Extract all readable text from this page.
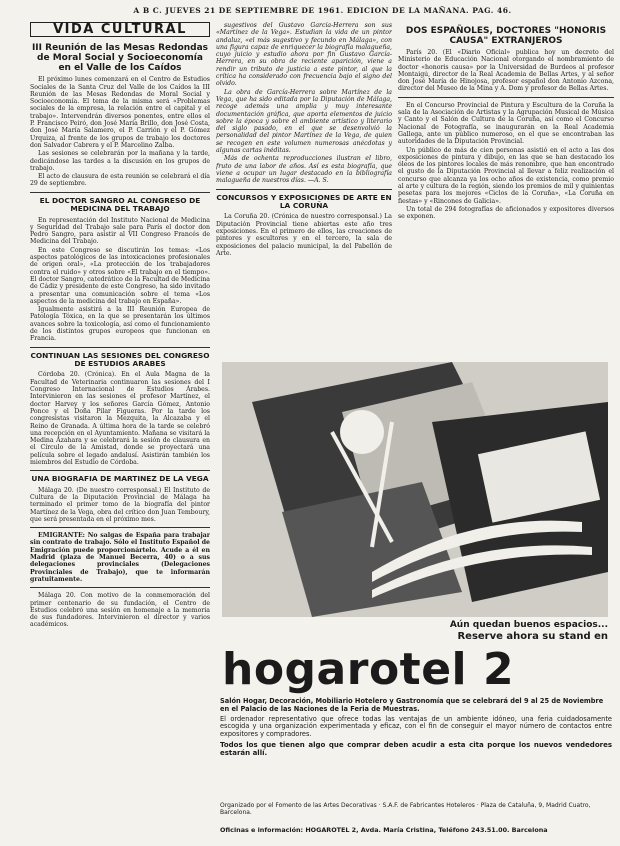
A B C. JUEVES 21 DE SEPTIEMBRE DE 1961. EDICION DE LA MAÑANA. PAG. 46.
VIDA CULTURAL
III Reunión de las Mesas Redondas de Moral Social y Socioeconomía en el Valle de los Caídos

El próximo lunes comenzará en el Centro de Estudios Sociales de la Santa Cruz del Valle de los Caídos la III Reunión de las Mesas Redondas de Moral Social y Socioeconomía. El tema de la misma será «Problemas sociales de la empresa, la relación entre el capital y el trabajo». Intervendrán diversos ponentes, entre ellos el P. Francisco Peiró, don José María Brillo, don José Costa, don José María Salamero, el P. Carrión y el P. Gómez Urquiza, al frente de los grupos de trabajo los doctores don Salvador Cabrera y el P. Marcelino Zalba.

Las sesiones se celebrarán por la mañana y la tarde, dedicándose las tardes a la discusión en los grupos de trabajo.

El acto de clausura de esta reunión se celebrará el día 29 de septiembre.

EL DOCTOR SANGRO AL CONGRESO DE MEDICINA DEL TRABAJO

En representación del Instituto Nacional de Medicina y Seguridad del Trabajo sale para París el doctor don Pedro Sangro, para asistir al VII Congreso Francés de Medicina del Trabajo.

En este Congreso se discutirán los temas: «Los aspectos patológicos de las intoxicaciones profesionales de origen oral», «La protección de los trabajadores contra el ruido» y otros sobre «El trabajo en el tiempo». El doctor Sangro, catedrático de la Facultad de Medicina de Cádiz y presidente de este Congreso, ha sido invitado a presentar una comunicación sobre el tema «Los aspectos de la medicina del trabajo en España».

Igualmente asistirá a la III Reunión Europea de Patología Tóxica, en la que se presentarán los últimos avances sobre la toxicología, así como el funcionamiento de los distintos grupos europeos que funcionan en Francia.

CONTINUAN LAS SESIONES DEL CONGRESO DE ESTUDIOS ARABES

Córdoba 20. (Crónica). En el Aula Magna de la Facultad de Veterinaria continuaron las sesiones del I Congreso Internacional de Estudios Árabes. Intervinieron en las sesiones el profesor Martínez, el doctor Harvey y los señores García Gómez, Antonio Ponce y el Doña Pilar Figueras. Por la tarde los congresistas visitaron la Mezquita, la Alcazaba y el Reino de Granada. A última hora de la tarde se celebró una recepción en el Ayuntamiento. Mañana se visitará la Medina Azahara y se celebrará la sesión de clausura en el Círculo de la Amistad, donde se proyectará una película sobre el legado andalusí. Asistirán también los miembros del Estudio de Córdoba.

UNA BIOGRAFIA DE MARTINEZ DE LA VEGA

Málaga 20. (De nuestro corresponsal.) El Instituto de Cultura de la Diputación Provincial de Málaga ha terminado el primer tomo de la biografía del pintor Martínez de la Vega, obra del crítico don Juan Temboury, que será presentada en el próximo mes.

EMIGRANTE: No salgas de España para trabajar sin contrato de trabajo. Sólo el Instituto Español de Emigración puede proporcionártelo. Acude a él en Madrid (plaza de Manuel Becerra, 40) o a sus delegaciones provinciales (Delegaciones Provinciales de Trabajo), que te informarán gratuitamente.

Málaga 20. Con motivo de la conmemoración del primer centenario de su fundación, el Centro de Estudios celebró una sesión en homenaje a la memoria de sus fundadores. Intervinieron el director y varios académicos.

sugestivos del Gustavo García-Herrera son sus «Martínez de la Vega». Estudian la vida de un pintor andaluz, «el más sugestivo y fecundo en Málaga», con una figura capaz de enriquecer la biografía malagueña, cuyo juicio y estudio ahora por fin Gustavo García-Herrera, en su obra de reciente aparición, viene a rendir un tributo de justicia a este pintor, al que la crítica ha considerado con frecuencia bajo el signo del olvido.

La obra de García-Herrera sobre Martínez de la Vega, que ha sido editada por la Diputación de Málaga, recoge además una amplia y muy interesante documentación gráfica, que aporta elementos de juicio sobre la época y sobre el ambiente artístico y literario del siglo pasado, en el que se desenvolvió la personalidad del pintor Martínez de la Vega, de quien se recogen en este volumen numerosas anécdotas y algunas cartas inéditas.

Más de ochenta reproducciones ilustran el libro, fruto de una labor de años. Así es esta biografía, que viene a ocupar un lugar destacado en la bibliografía malagueña de nuestros días. —A. S.

CONCURSOS Y EXPOSICIONES DE ARTE EN LA CORUÑA

La Coruña 20. (Crónica de nuestro corresponsal.) La Diputación Provincial tiene abiertas este año tres exposiciones. En el primero de ellos, las creaciones de pintores y escultores y en el tercero, la sala de exposiciones del palacio municipal, la del Pabellón de Arte.

DOS ESPAÑOLES, DOCTORES "HONORIS CAUSA" EXTRANJEROS

París 20. (El «Diario Oficial» publica hoy un decreto del Ministerio de Educación Nacional otorgando el nombramiento de doctor «honoris causa» por la Universidad de Burdeos al profesor Montaigú, director de la Real Academia de Bellas Artes, y al señor don José María de Hinojosa, profesor español don Antonio Azcona, director del Museo de la Mina y A. Dom y profesor de Bellas Artes.

En el Concurso Provincial de Pintura y Escultura de la Coruña la sala de la Asociación de Artistas y la Agrupación Musical de Música y Canto y el Salón de Cultura de la Coruña, así como el Concurso Nacional de Fotografía, se inaugurarán en la Real Academia Gallega, ante un público numeroso, en el que se encontraban las autoridades de la Diputación Provincial.

Un público de más de cien personas asistió en el acto a las dos exposiciones de pintura y dibujo, en las que se han destacado los óleos de los pintores locales de más renombre, que han encontrado el gusto de la Diputación Provincial al llevar a feliz realización el concurso que alcanza ya los ocho años de existencia, como premio al arte y cultura de la región, siendo los premios de mil y quinientas pesetas para los mejores «Ciclos de la Coruña», «La Coruña en fiestas» y «Rincones de Galicia».

Un total de 294 fotografías de aficionados y expositores diversos se exponen.

Aún quedan buenos espacios...
Reserve ahora su stand en
hogarotel 2
Salón Hogar, Decoración, Mobiliario Hotelero y Gastronomía que se celebrará del 9 al 25 de Noviembre
en el Palacio de las Naciones de la Feria de Muestras.
El ordenador representativo que ofrece todas las ventajas de un ambiente idóneo, una feria cuidadosamente escogida y una organización experimentada y eficaz, con el fin de conseguir el mayor número de contactos entre expositores y compradores.
Todos los que tienen algo que comprar deben acudir a esta cita porque los nuevos vendedores estarán allí.
Organizado por el Fomento de las Artes Decorativas · S.A.F. de Fabricantes Hoteleros · Plaza de Cataluña, 9, Madrid Cuatro, Barcelona.
Oficinas e información: HOGAROTEL 2, Avda. María Cristina, Teléfono 243.51.00. Barcelona
